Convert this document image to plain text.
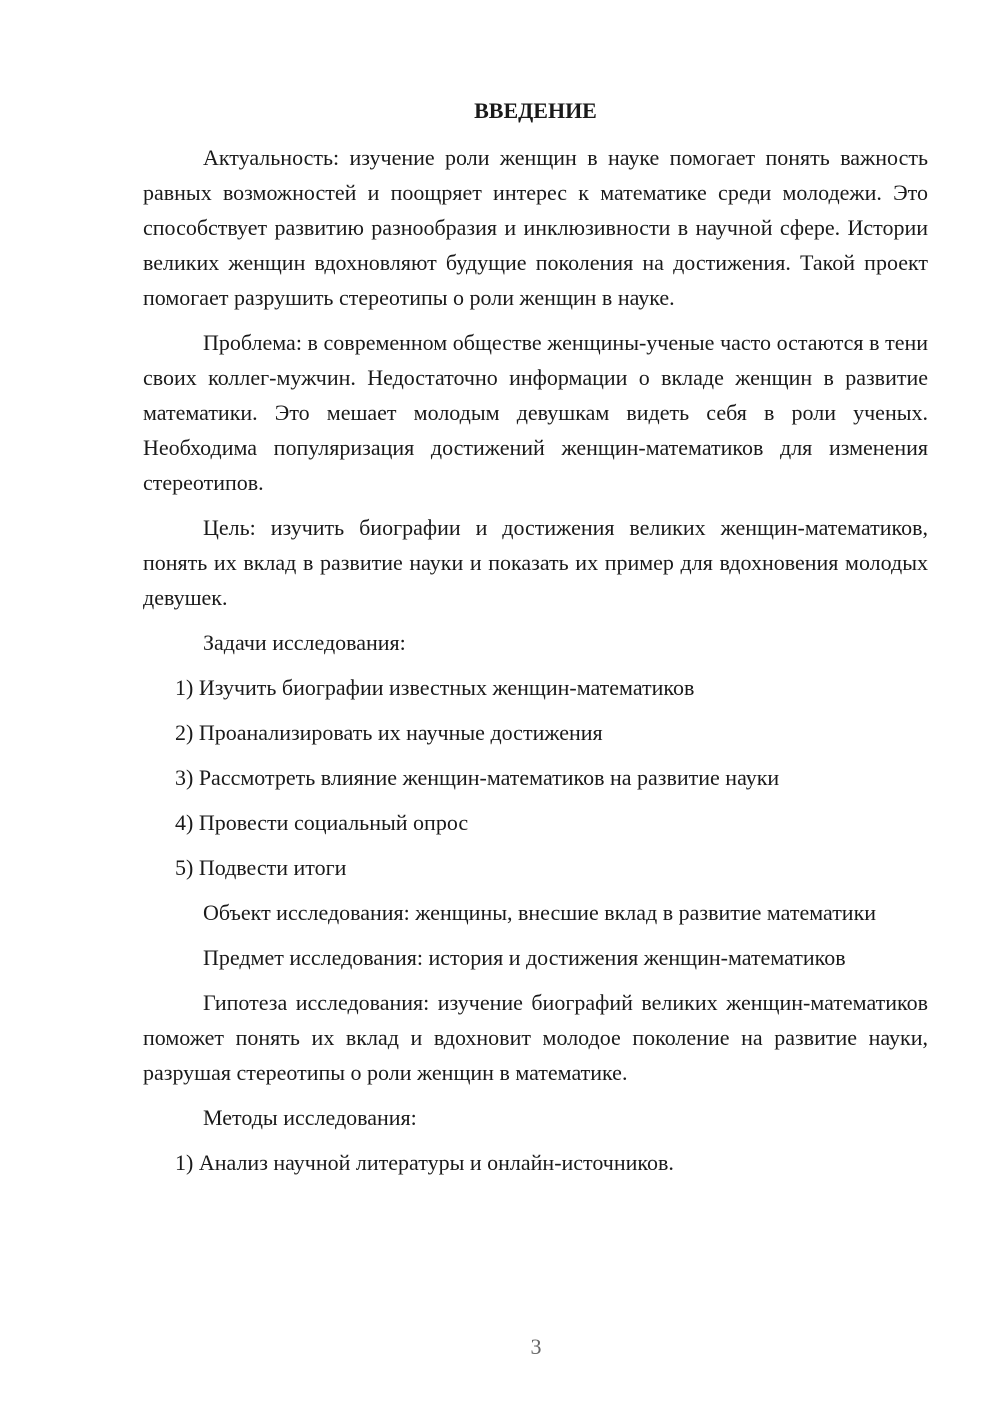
ВВЕДЕНИЕ

Актуальность: изучение роли женщин в науке помогает понять важность равных возможностей и поощряет интерес к математике среди молодежи. Это способствует развитию разнообразия и инклюзивности в научной сфере. Истории великих женщин вдохновляют будущие поколения на достижения. Такой проект помогает разрушить стереотипы о роли женщин в науке.

Проблема: в современном обществе женщины-ученые часто остаются в тени своих коллег-мужчин. Недостаточно информации о вкладе женщин в развитие математики. Это мешает молодым девушкам видеть себя в роли ученых. Необходима популяризация достижений женщин-математиков для изменения стереотипов.

Цель: изучить биографии и достижения великих женщин-математиков, понять их вклад в развитие науки и показать их пример для вдохновения молодых девушек.

Задачи исследования:

1) Изучить биографии известных женщин-математиков
2) Проанализировать их научные достижения
3) Рассмотреть влияние женщин-математиков на развитие науки
4) Провести социальный опрос
5) Подвести итоги

Объект исследования: женщины, внесшие вклад в развитие математики

Предмет исследования: история и достижения женщин-математиков

Гипотеза исследования: изучение биографий великих женщин-математиков поможет понять их вклад и вдохновит молодое поколение на развитие науки, разрушая стереотипы о роли женщин в математике.

Методы исследования:

1) Анализ научной литературы и онлайн-источников.
3
